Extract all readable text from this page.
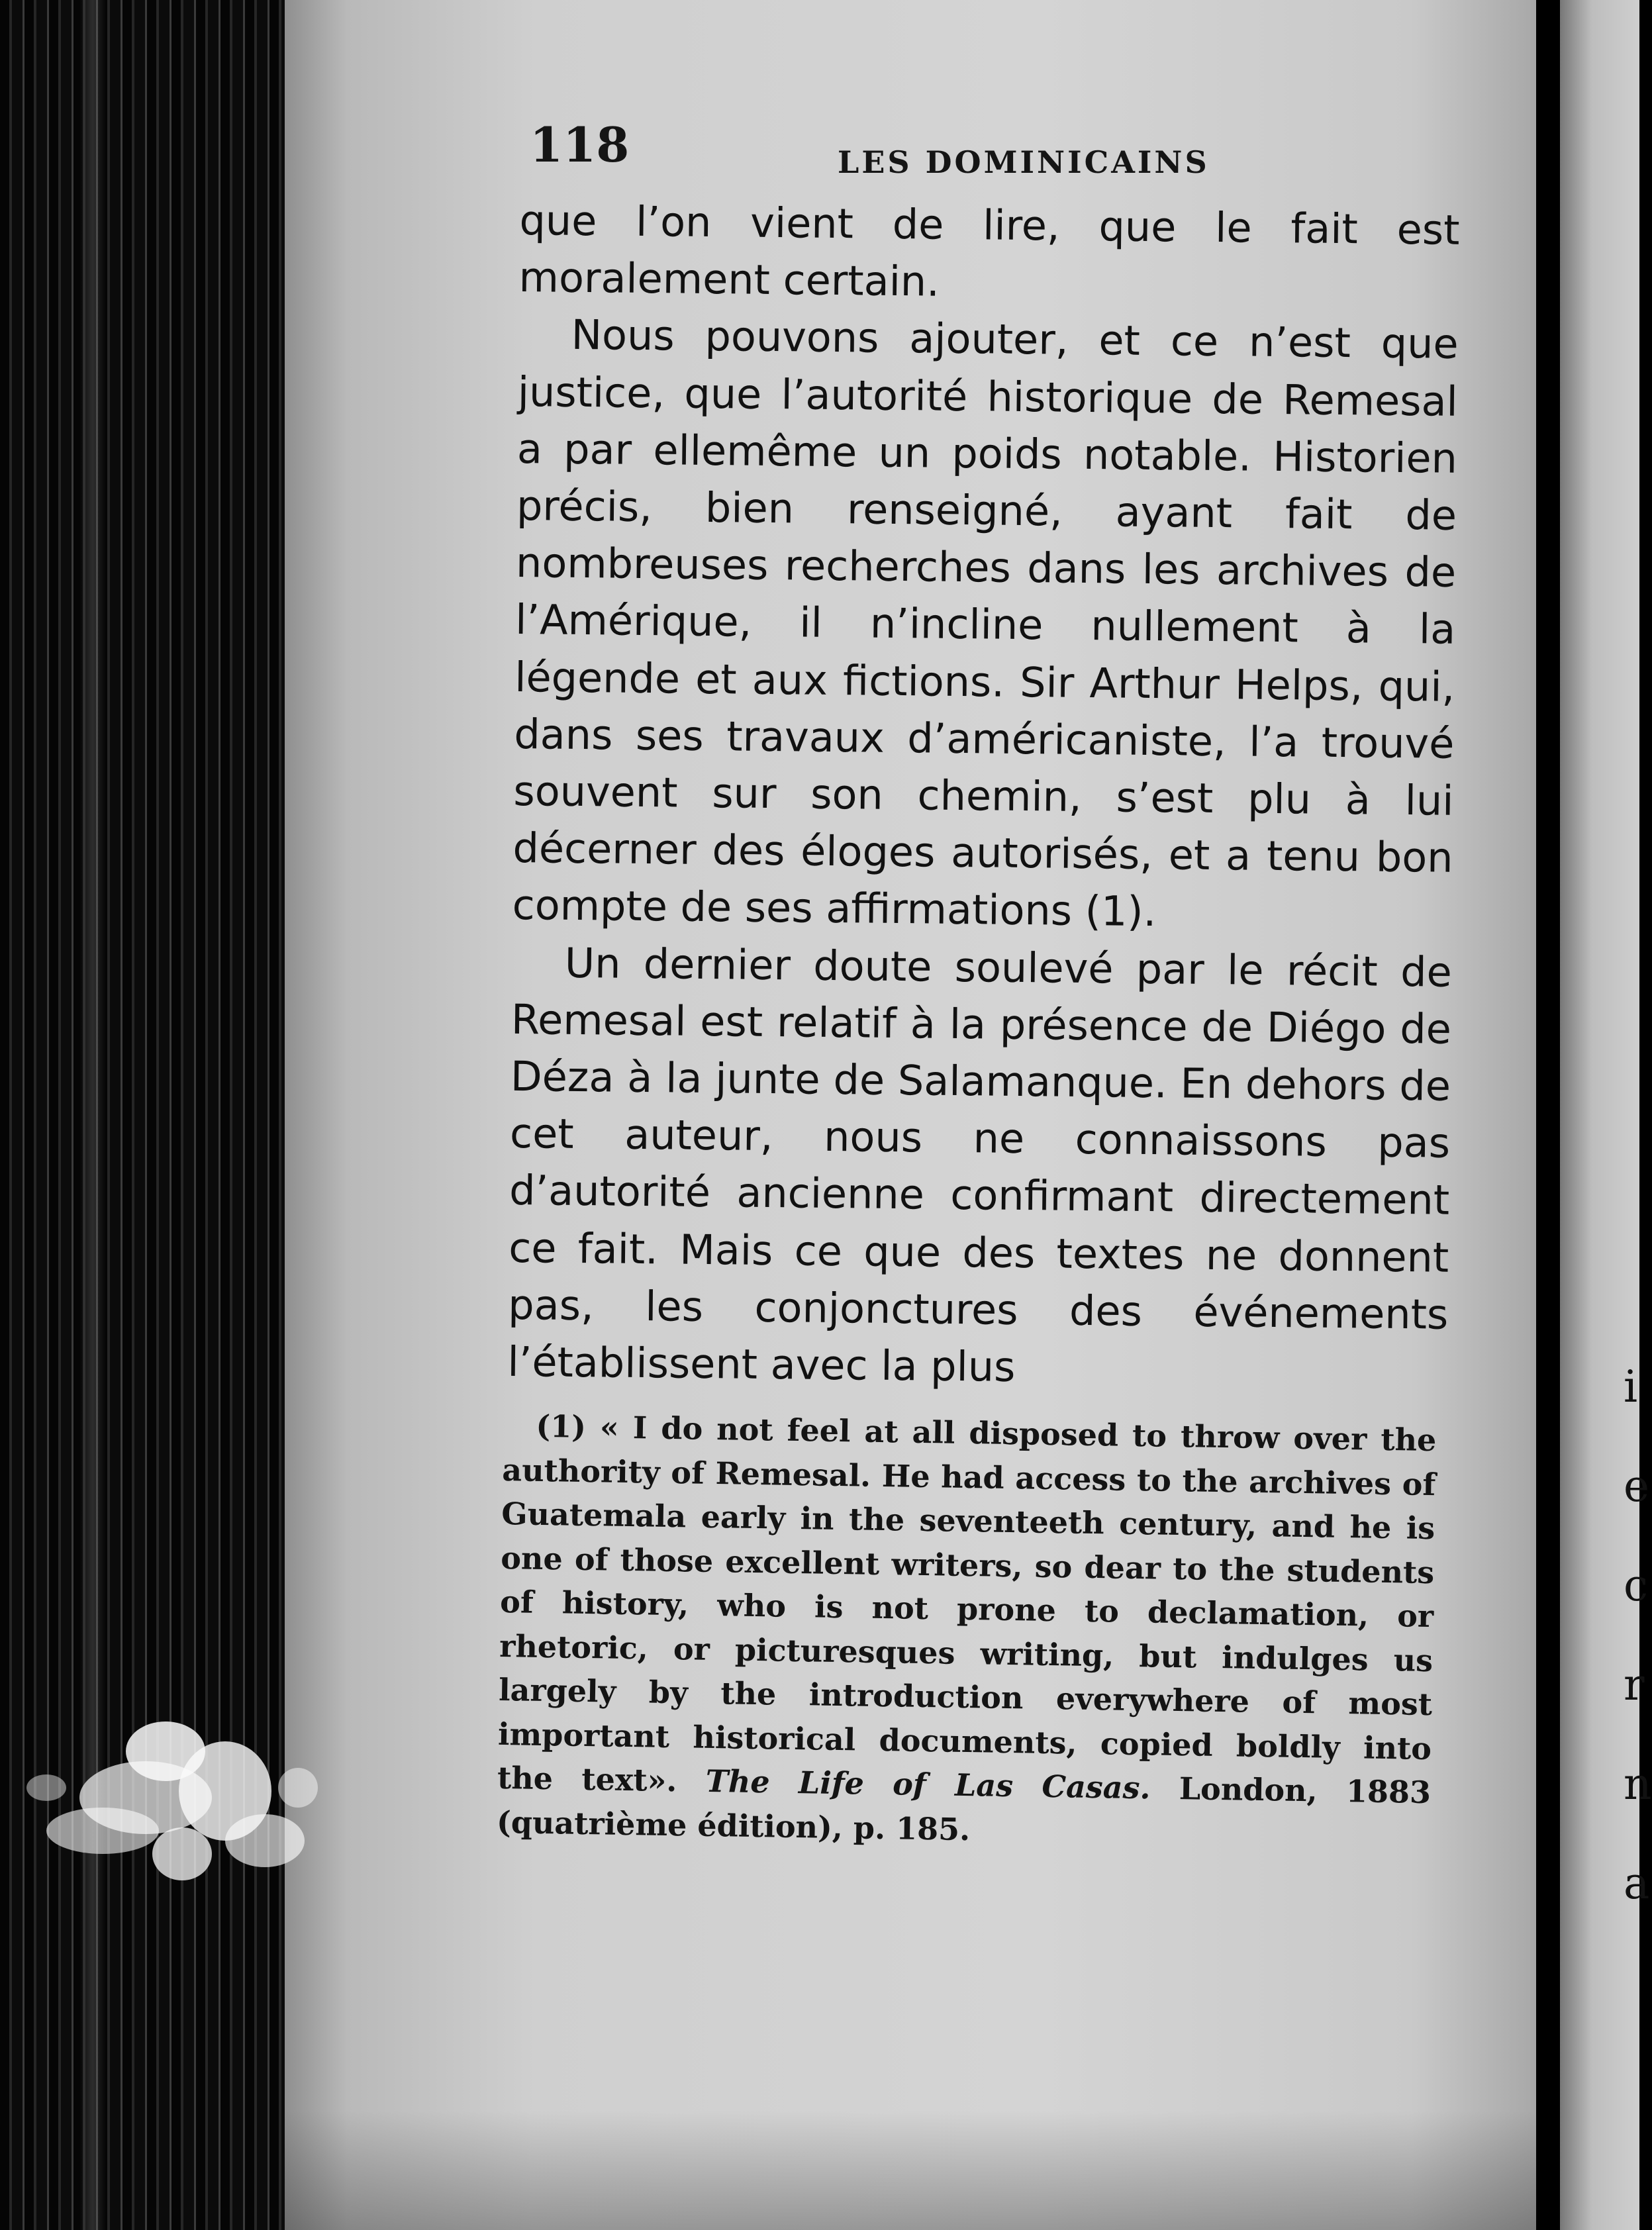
i
e
c
r
n
a
118	LES DOMINICAINS

que l’on vient de lire, que le fait est moralement certain.

Nous pouvons ajouter, et ce n’est que justice, que l’autorité historique de Remesal a par ellemême un poids notable. Historien précis, bien renseigné, ayant fait de nombreuses recherches dans les archives de l’Amérique, il n’incline nullement à la légende et aux fictions. Sir Arthur Helps, qui, dans ses travaux d’américaniste, l’a trouvé souvent sur son chemin, s’est plu à lui décerner des éloges autorisés, et a tenu bon compte de ses affirmations (1).

Un dernier doute soulevé par le récit de Remesal est relatif à la présence de Diégo de Déza à la junte de Salamanque. En dehors de cet auteur, nous ne connaissons pas d’autorité ancienne confirmant directement ce fait. Mais ce que des textes ne donnent pas, les conjonctures des événements l’établissent avec la plus

(1) « I do not feel at all disposed to throw over the authority of Remesal. He had access to the archives of Guatemala early in the seventeeth century, and he is one of those excellent writers, so dear to the students of history, who is not prone to declamation, or rhetoric, or picturesques writing, but indulges us largely by the introduction everywhere of most important historical documents, copied boldly into the text». The Life of Las Casas. London, 1883 (quatrième édition), p. 185.
